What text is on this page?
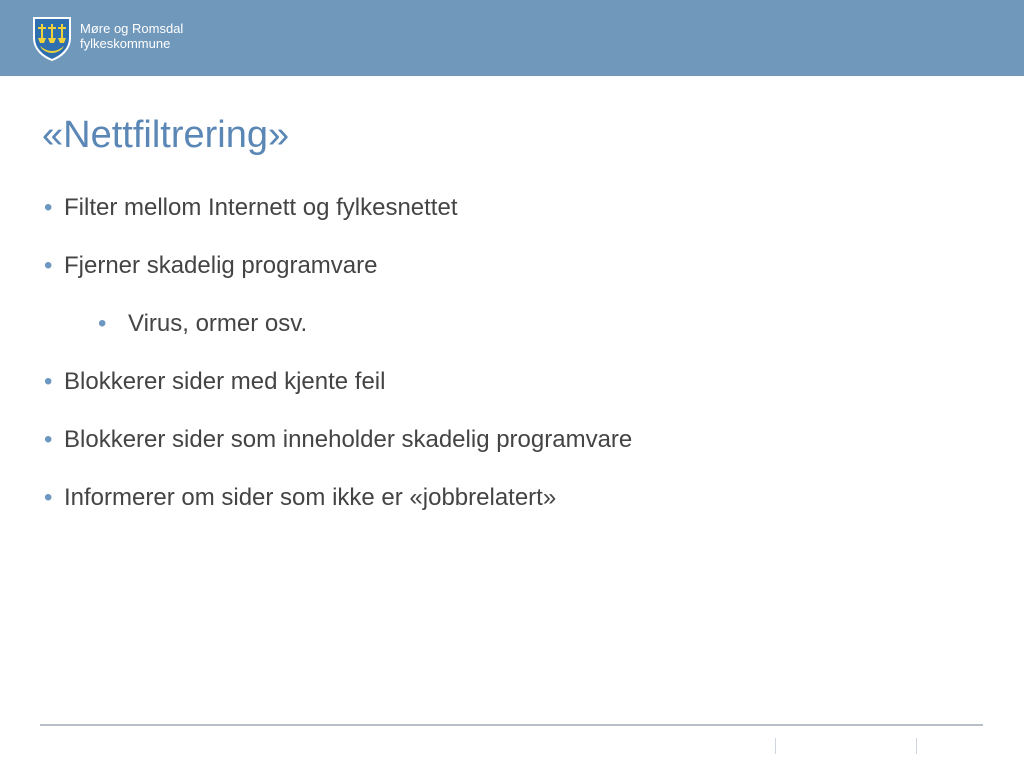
Møre og Romsdal
fylkeskommune
«Nettfiltrering»
• Filter mellom Internett og fylkesnettet
• Fjerner skadelig programvare
• Virus, ormer osv.
• Blokkerer sider med kjente feil
• Blokkerer sider som inneholder skadelig programvare
• Informerer om sider som ikke er «jobbrelatert»
